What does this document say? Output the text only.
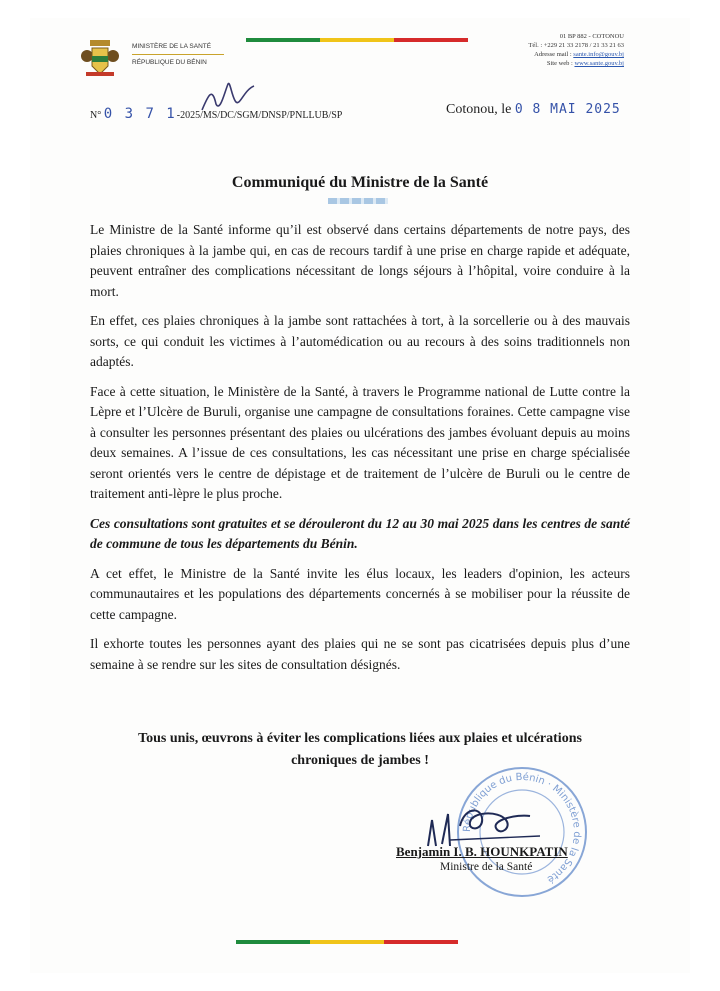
MINISTÈRE DE LA SANTÉ
RÉPUBLIQUE DU BÉNIN
01 BP 882 - COTONOU
Tél. : +229 21 33 2178 / 21 33 21 63
Adresse mail : sante.info@gouv.bj
Site web : www.sante.gouv.bj
N° 0 3 7 1-2025/MS/DC/SGM/DNSP/PNLLUB/SP	Cotonou, le 0 8 MAI 2025
Communiqué du Ministre de la Santé

Le Ministre de la Santé informe qu’il est observé dans certains départements de notre pays, des plaies chroniques à la jambe qui, en cas de recours tardif à une prise en charge rapide et adéquate, peuvent entraîner des complications nécessitant de longs séjours à l’hôpital, voire conduire à la mort.

En effet, ces plaies chroniques à la jambe sont rattachées à tort, à la sorcellerie ou à des mauvais sorts, ce qui conduit les victimes à l’automédication ou au recours à des soins traditionnels non adaptés.

Face à cette situation, le Ministère de la Santé, à travers le Programme national de Lutte contre la Lèpre et l’Ulcère de Buruli, organise une campagne de consultations foraines. Cette campagne vise à consulter les personnes présentant des plaies ou ulcérations des jambes évoluant depuis au moins deux semaines. A l’issue de ces consultations, les cas nécessitant une prise en charge spécialisée seront orientés vers le centre de dépistage et de traitement de l’ulcère de Buruli ou le centre de traitement anti-lèpre le plus proche.

Ces consultations sont gratuites et se dérouleront du 12 au 30 mai 2025 dans les centres de santé de commune de tous les départements du Bénin.

A cet effet, le Ministre de la Santé invite les élus locaux, les leaders d'opinion, les acteurs communautaires et les populations des départements concernés à se mobiliser pour la réussite de cette campagne.

Il exhorte toutes les personnes ayant des plaies qui ne se sont pas cicatrisées depuis plus d’une semaine à se rendre sur les sites de consultation désignés.

Tous unis, œuvrons à éviter les complications liées aux plaies et ulcérations
chroniques de jambes !
République du Bénin · Ministère de la Santé
Benjamin I. B. HOUNKPATIN
Ministre de la Santé
